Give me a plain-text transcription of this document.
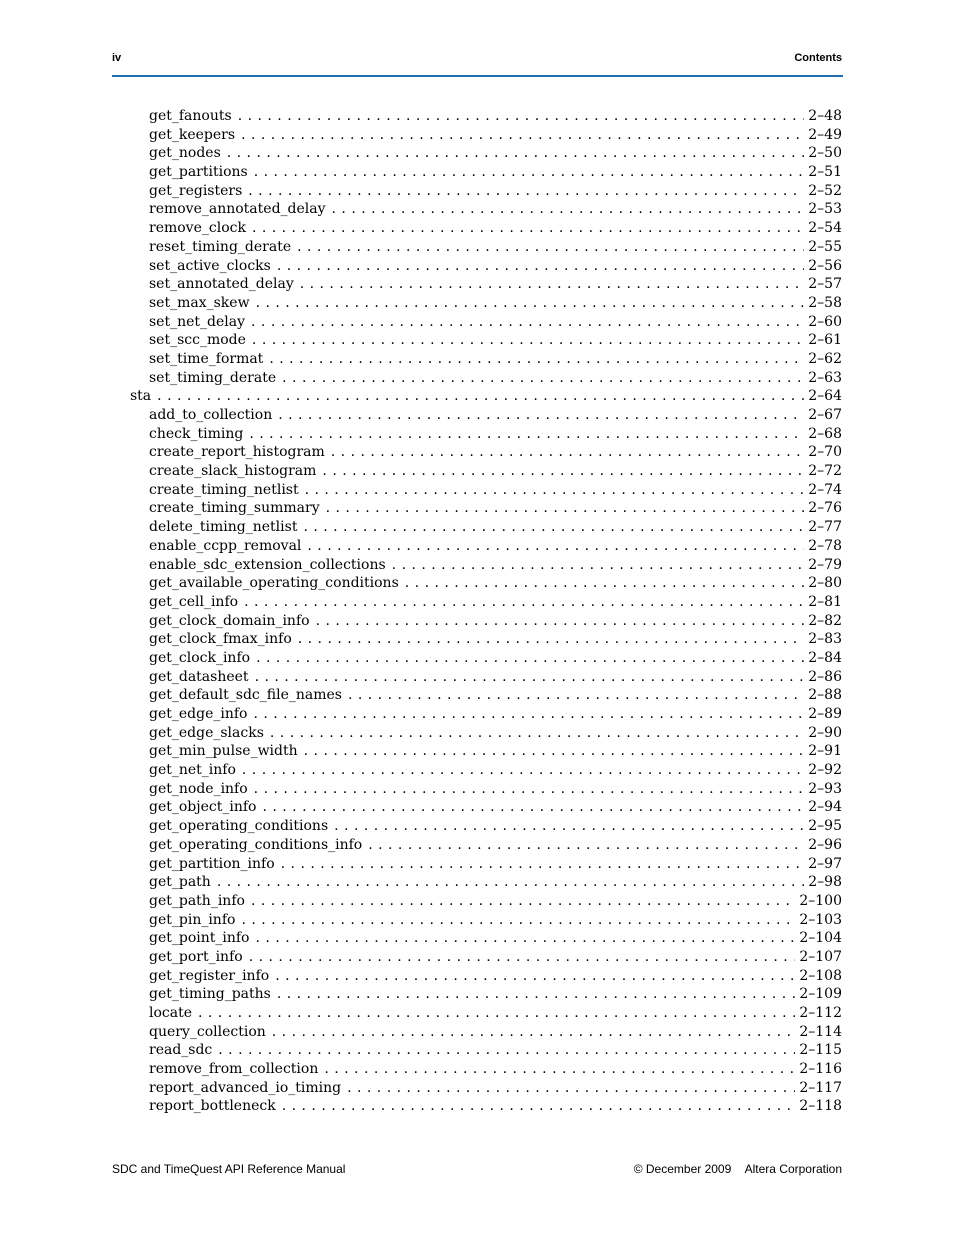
iv	Contents
get_fanouts . . .	2–48
get_keepers . . .	2–49
get_nodes . . .	2–50
get_partitions . . .	2–51
get_registers . . .	2–52
remove_annotated_delay . . .	2–53
remove_clock . . .	2–54
reset_timing_derate . . .	2–55
set_active_clocks . . .	2–56
set_annotated_delay . . .	2–57
set_max_skew . . .	2–58
set_net_delay . . .	2–60
set_scc_mode . . .	2–61
set_time_format . . .	2–62
set_timing_derate . . .	2–63
sta . . .	2–64
add_to_collection . . .	2–67
check_timing . . .	2–68
create_report_histogram . . .	2–70
create_slack_histogram . . .	2–72
create_timing_netlist . . .	2–74
create_timing_summary . . .	2–76
delete_timing_netlist . . .	2–77
enable_ccpp_removal . . .	2–78
enable_sdc_extension_collections . . .	2–79
get_available_operating_conditions . . .	2–80
get_cell_info . . .	2–81
get_clock_domain_info . . .	2–82
get_clock_fmax_info . . .	2–83
get_clock_info . . .	2–84
get_datasheet . . .	2–86
get_default_sdc_file_names . . .	2–88
get_edge_info . . .	2–89
get_edge_slacks . . .	2–90
get_min_pulse_width . . .	2–91
get_net_info . . .	2–92
get_node_info . . .	2–93
get_object_info . . .	2–94
get_operating_conditions . . .	2–95
get_operating_conditions_info . . .	2–96
get_partition_info . . .	2–97
get_path . . .	2–98
get_path_info . . .	2–100
get_pin_info . . .	2–103
get_point_info . . .	2–104
get_port_info . . .	2–107
get_register_info . . .	2–108
get_timing_paths . . .	2–109
locate . . .	2–112
query_collection . . .	2–114
read_sdc . . .	2–115
remove_from_collection . . .	2–116
report_advanced_io_timing . . .	2–117
report_bottleneck . . .	2–118
SDC and TimeQuest API Reference Manual	© December 2009 Altera Corporation
